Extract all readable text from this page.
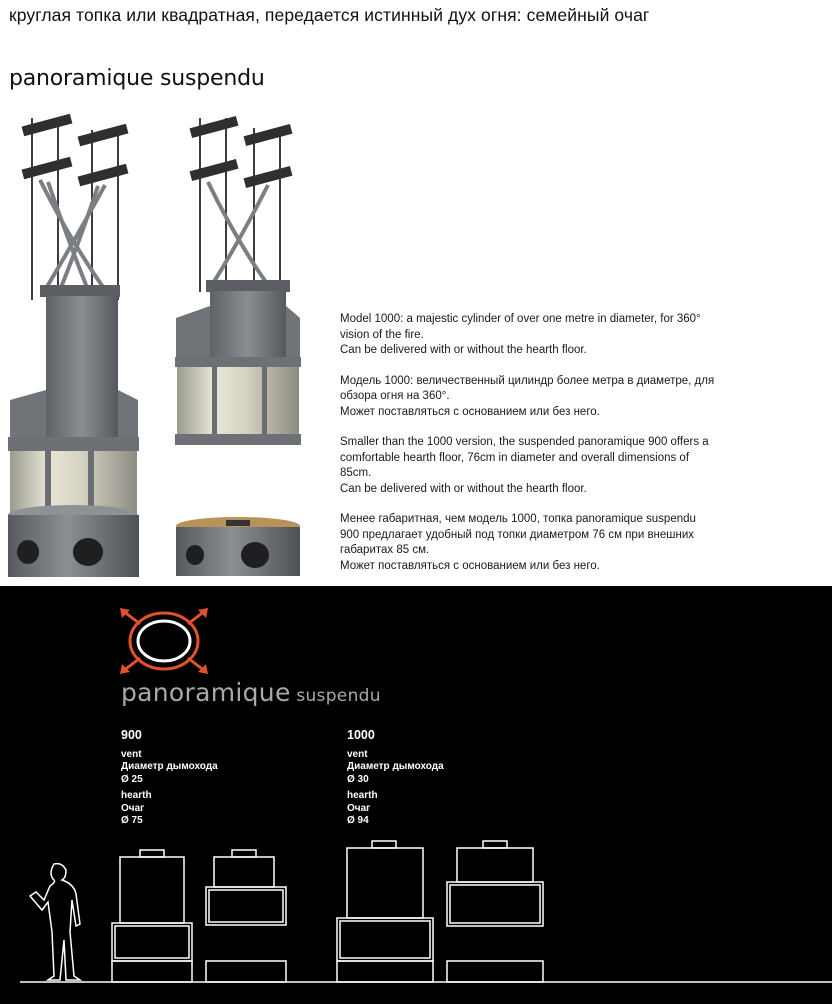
круглая топка или квадратная, передается истинный дух огня: семейный очаг
panoramique suspendu

Model 1000: a majestic cylinder of over one metre in diameter, for 360°
vision of the fire.
Can be delivered with or without the hearth floor.

Модель 1000: величественный цилиндр более метра в диаметре, для
обзора огня на 360°.
Может поставляться с основанием или без него.

Smaller than the 1000 version, the suspended panoramique 900 offers a
comfortable hearth floor, 76cm in diameter and overall dimensions of
85cm.
Can be delivered with or without the hearth floor.

Менее габаритная, чем модель 1000, топка panoramique suspendu
900 предлагает удобный под топки диаметром 76 см при внешних
габаритах 85 см.
Может поставляться с основанием или без него.

panoramique suspendu
900
vent
Диаметр дымохода
Ø 25
hearth
Очаг
Ø 75
1000
vent
Диаметр дымохода
Ø 30
hearth
Очаг
Ø 94
